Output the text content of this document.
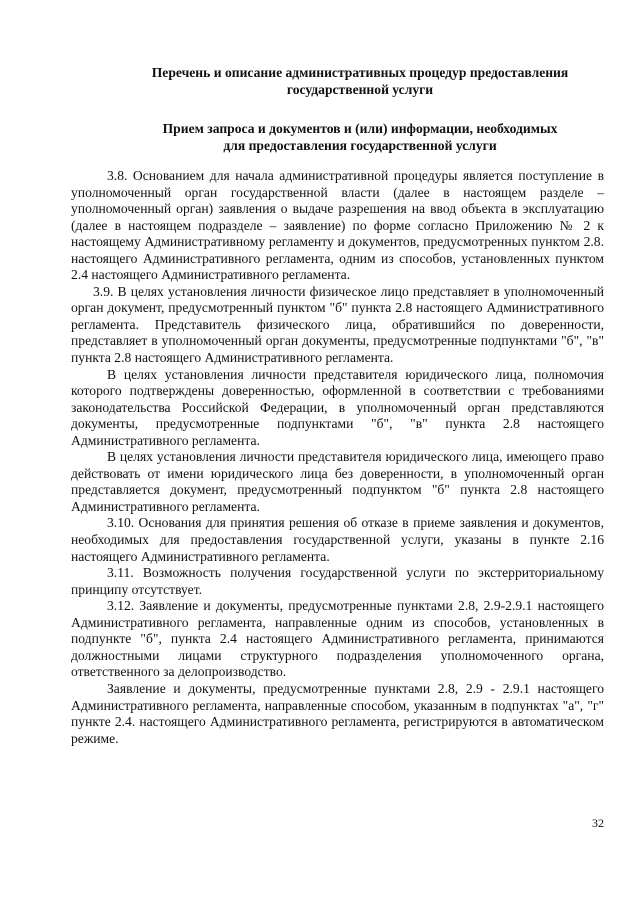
Перечень и описание административных процедур предоставления
государственной услуги
Прием запроса и документов и (или) информации, необходимых
для предоставления государственной услуги

3.8. Основанием для начала административной процедуры является поступление в уполномоченный орган государственной власти (далее в настоящем разделе – уполномоченный орган) заявления о выдаче разрешения на ввод объекта в эксплуатацию (далее в настоящем подразделе – заявление) по форме согласно Приложению № 2 к настоящему Административному регламенту и документов, предусмотренных пунктом 2.8. настоящего Административного регламента, одним из способов, установленных пунктом 2.4 настоящего Административного регламента.

3.9. В целях установления личности физическое лицо представляет в уполномоченный орган документ, предусмотренный пунктом "б" пункта 2.8 настоящего Административного регламента. Представитель физического лица, обратившийся по доверенности, представляет в уполномоченный орган документы, предусмотренные подпунктами "б", "в" пункта 2.8 настоящего Административного регламента.

В целях установления личности представителя юридического лица, полномочия которого подтверждены доверенностью, оформленной в соответствии с требованиями законодательства Российской Федерации, в уполномоченный орган представляются документы, предусмотренные подпунктами "б", "в" пункта 2.8 настоящего Административного регламента.

В целях установления личности представителя юридического лица, имеющего право действовать от имени юридического лица без доверенности, в уполномоченный орган представляется документ, предусмотренный подпунктом "б" пункта 2.8 настоящего Административного регламента.

3.10. Основания для принятия решения об отказе в приеме заявления и документов, необходимых для предоставления государственной услуги, указаны в пункте 2.16 настоящего Административного регламента.

3.11. Возможность получения государственной услуги по экстерриториальному принципу отсутствует.

3.12. Заявление и документы, предусмотренные пунктами 2.8, 2.9-2.9.1 настоящего Административного регламента, направленные одним из способов, установленных в подпункте "б", пункта 2.4 настоящего Административного регламента, принимаются должностными лицами структурного подразделения уполномоченного органа, ответственного за делопроизводство.

Заявление и документы, предусмотренные пунктами 2.8, 2.9 - 2.9.1 настоящего Административного регламента, направленные способом, указанным в подпунктах "а", "г" пункте 2.4. настоящего Административного регламента, регистрируются в автоматическом режиме.

32
